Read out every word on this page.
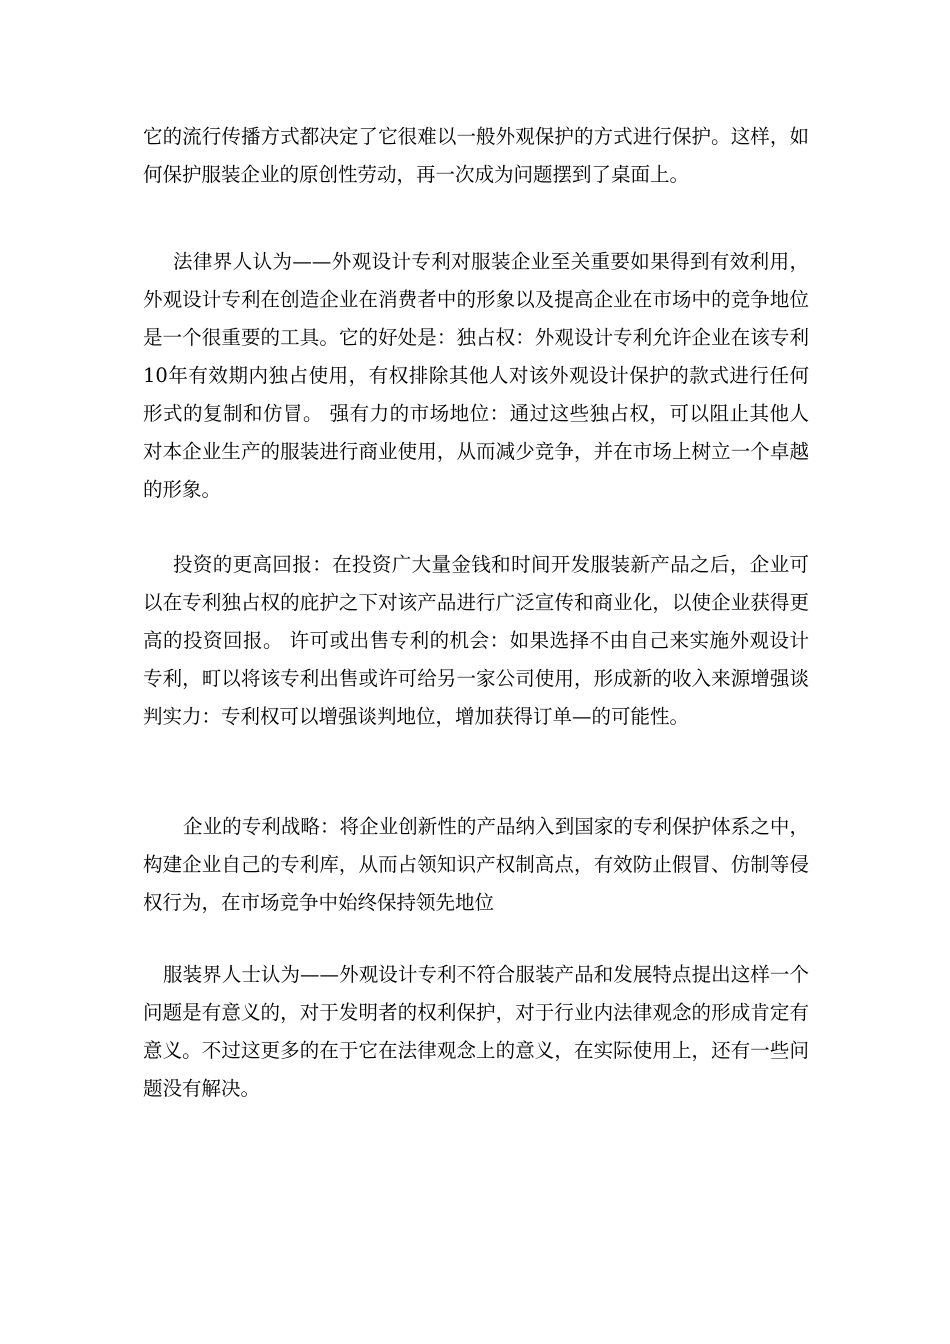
它的流行传播方式都决定了它很难以一般外观保护的方式进行保护。这样，如何保护服装企业的原创性劳动，再一次成为问题摆到了桌面上。

法律界人认为——外观设计专利对服装企业至关重要如果得到有效利用，外观设计专利在创造企业在消费者中的形象以及提高企业在市场中的竞争地位是一个很重要的工具。它的好处是：独占权：外观设计专利允许企业在该专利10年有效期内独占使用，有权排除其他人对该外观设计保护的款式进行任何形式的复制和仿冒。 强有力的市场地位：通过这些独占权，可以阻止其他人对本企业生产的服装进行商业使用，从而减少竞争，并在市场上树立一个卓越的形象。

投资的更高回报：在投资广大量金钱和时间开发服装新产品之后，企业可以在专利独占权的庇护之下对该产品进行广泛宣传和商业化，以使企业获得更高的投资回报。 许可或出售专利的机会：如果选择不由自己来实施外观设计专利，町以将该专利出售或许可给另一家公司使用，形成新的收入来源增强谈判实力：专利权可以增强谈判地位，增加获得订单—的可能性。

企业的专利战略：将企业创新性的产品纳入到国家的专利保护体系之中，构建企业自己的专利库，从而占领知识产权制高点，有效防止假冒、仿制等侵权行为，在市场竞争中始终保持领先地位

服装界人士认为——外观设计专利不符合服装产品和发展特点提出这样一个问题是有意义的，对于发明者的权利保护，对于行业内法律观念的形成肯定有意义。不过这更多的在于它在法律观念上的意义，在实际使用上，还有一些问题没有解决。
